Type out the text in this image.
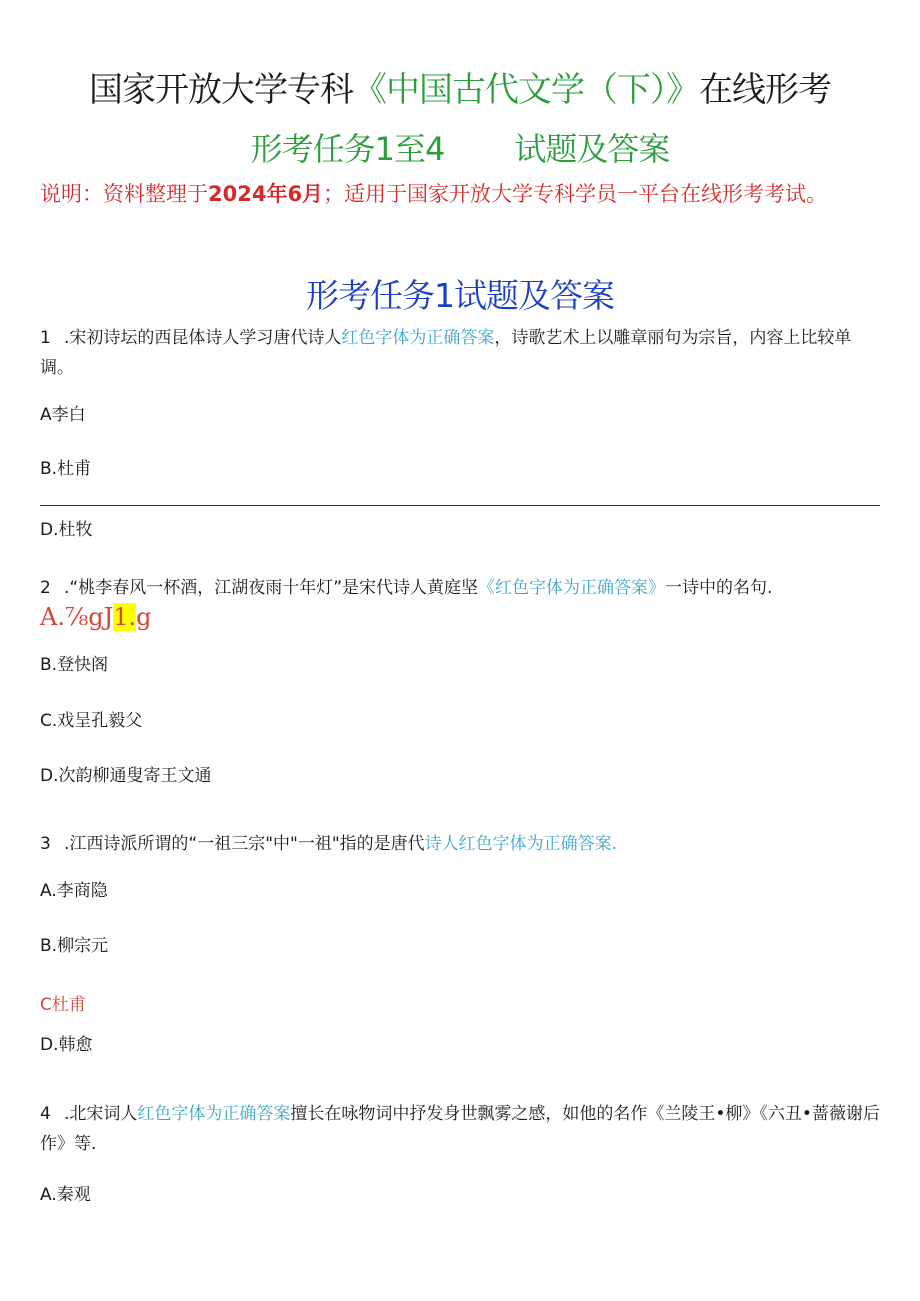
国家开放大学专科《中国古代文学（下）》在线形考
形考任务1至4 试题及答案
说明：资料整理于2024年6月；适用于国家开放大学专科学员一平台在线形考考试。
形考任务1试题及答案
1 .宋初诗坛的西昆体诗人学习唐代诗人红色字体为正确答案，诗歌艺术上以雕章丽句为宗旨，内容上比较单调。
A李白
B.杜甫
D.杜牧
2 .“桃李春风一杯酒，江湖夜雨十年灯”是宋代诗人黄庭坚《红色字体为正确答案》一诗中的名句.
A.⅞gJ1.g
B.登快阁
C.戏呈孔毅父
D.次韵柳通叟寄王文通
3 .江西诗派所谓的“一祖三宗"中"一祖"指的是唐代诗人红色字体为正确答案.
A.李商隐
B.柳宗元
C杜甫
D.韩愈
4 .北宋词人红色字体为正确答案擅长在咏物词中抒发身世飘雾之感，如他的名作《兰陵王•柳》《六丑•蔷薇谢后作》等.
A.秦观
